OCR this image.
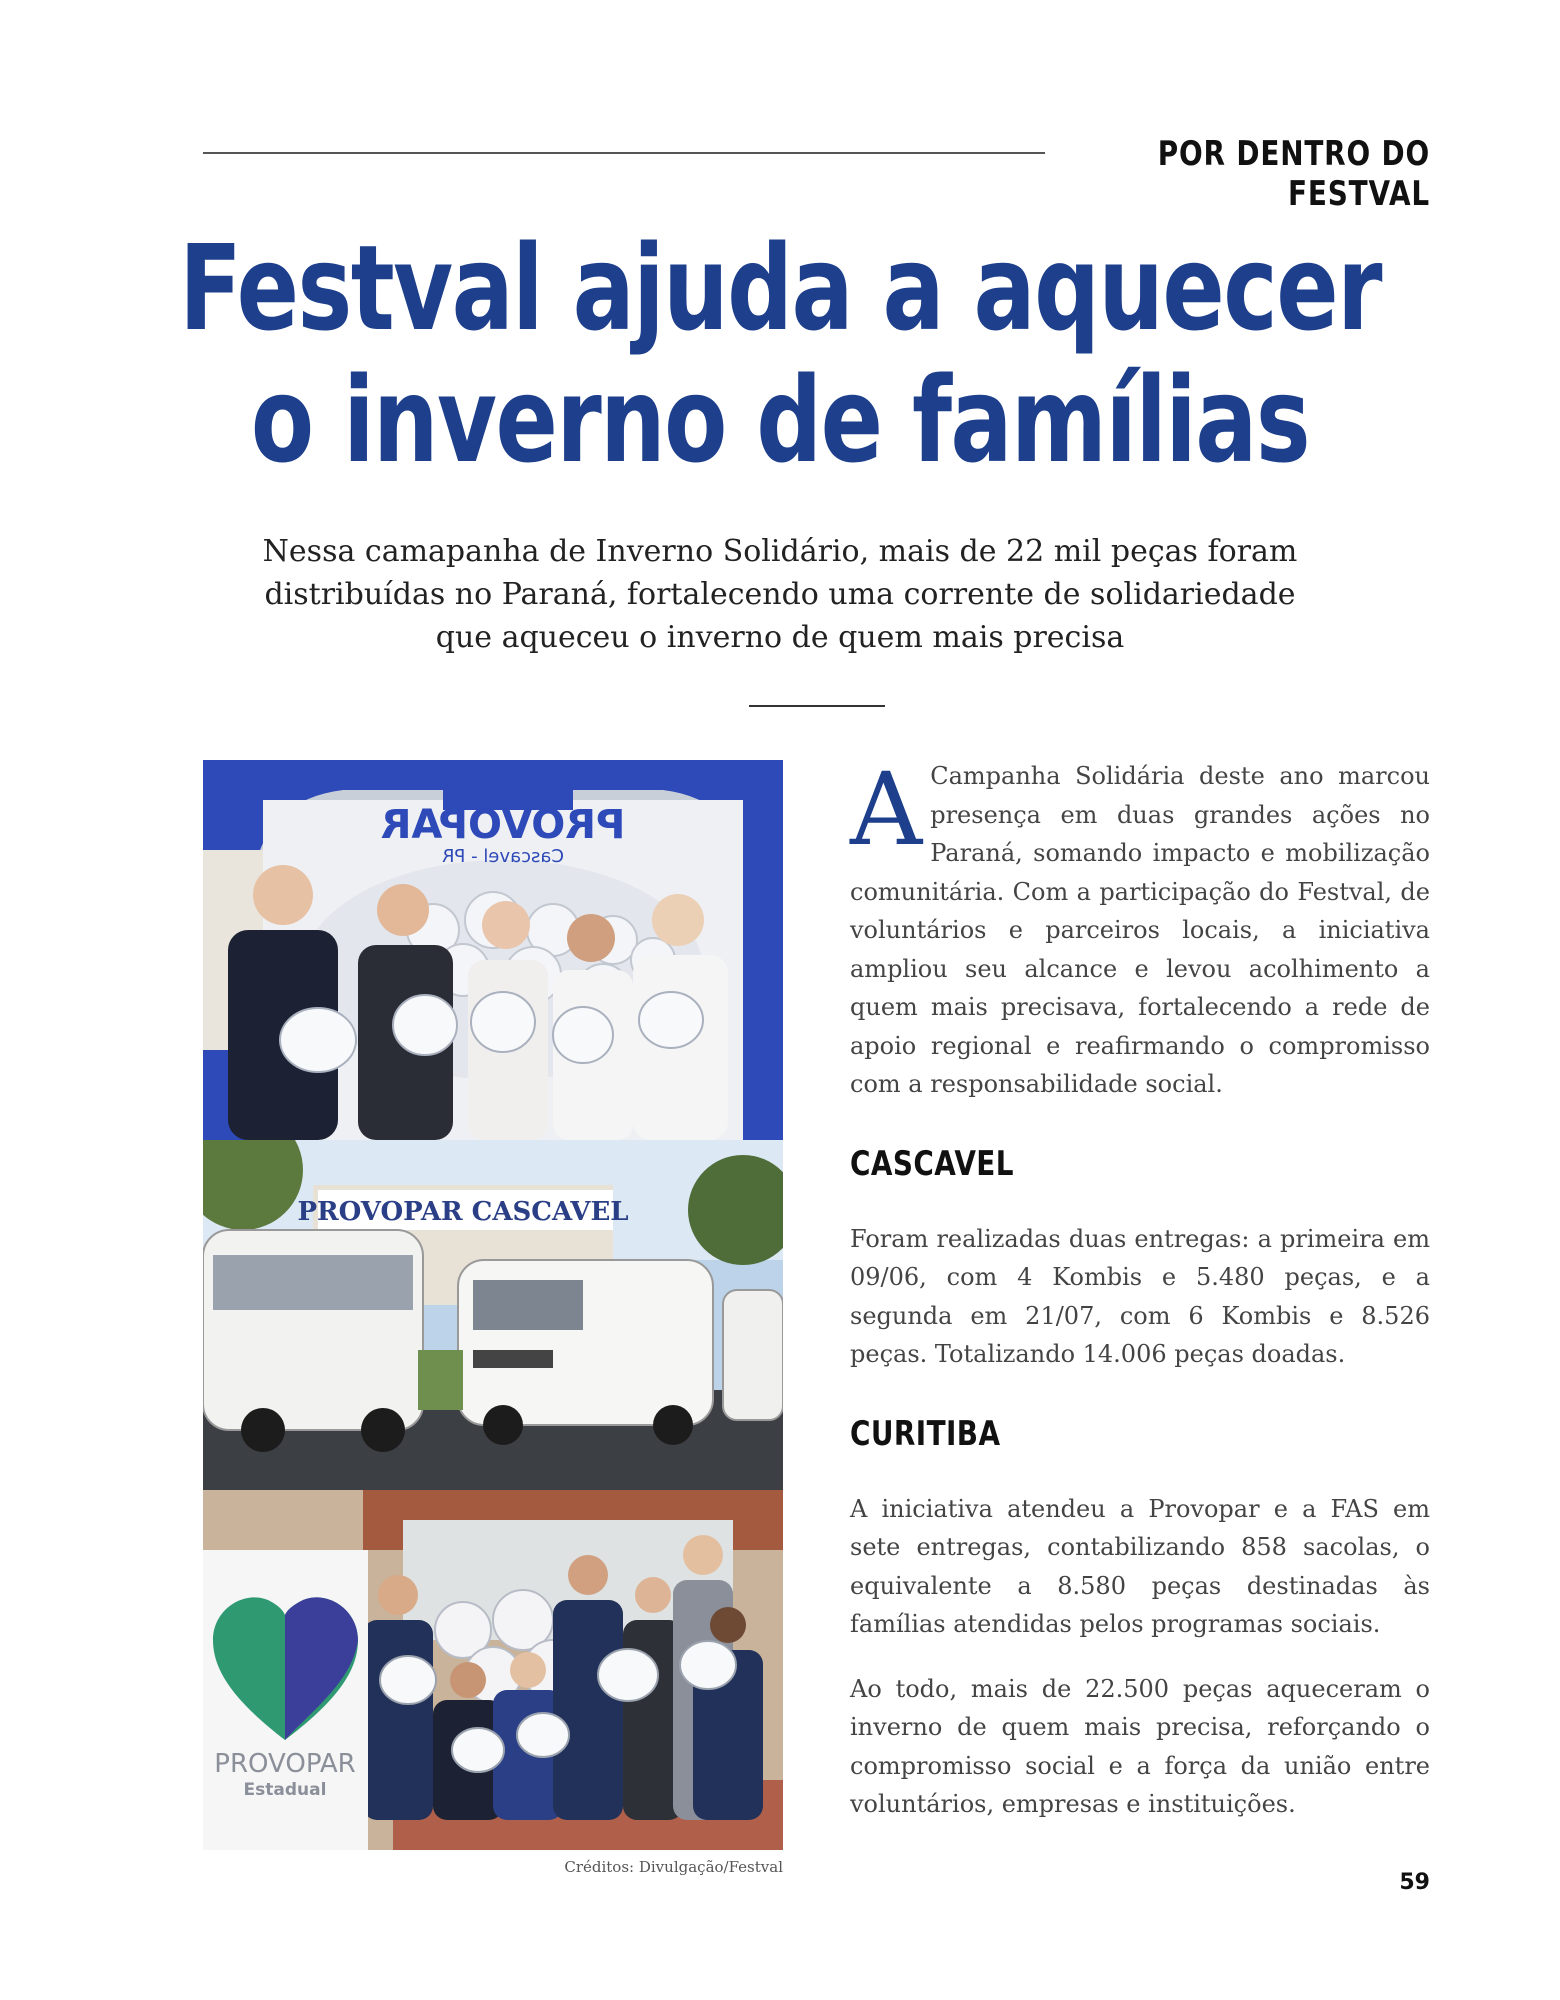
POR DENTRO DO FESTVAL
Festval ajuda a aquecer
o inverno de famílias

Nessa camapanha de Inverno Solidário, mais de 22 mil peças foram
distribuídas no Paraná, fortalecendo uma corrente de solidariedade
que aqueceu o inverno de quem mais precisa

PROVOPAR
Cascavel - PR
PROVOPAR CASCAVEL
PROVOPAR
Estadual
Créditos: Divulgação/Festval

A Campanha Solidária deste ano marcou presença em duas grandes ações no Paraná, somando impacto e mobilização comunitária. Com a participação do Festval, de voluntários e parceiros locais, a iniciativa ampliou seu alcance e levou acolhimento a quem mais precisava, fortalecendo a rede de apoio regional e reafirmando o compromisso com a responsabilidade social.

CASCAVEL

Foram realizadas duas entregas: a primeira em 09/06, com 4 Kombis e 5.480 peças, e a segunda em 21/07, com 6 Kombis e 8.526 peças. Totalizando 14.006 peças doadas.

CURITIBA

A iniciativa atendeu a Provopar e a FAS em sete entregas, contabilizando 858 sacolas, o equivalente a 8.580 peças destinadas às famílias atendidas pelos programas sociais.

Ao todo, mais de 22.500 peças aqueceram o inverno de quem mais precisa, reforçando o compromisso social e a força da união entre voluntários, empresas e instituições.

59
